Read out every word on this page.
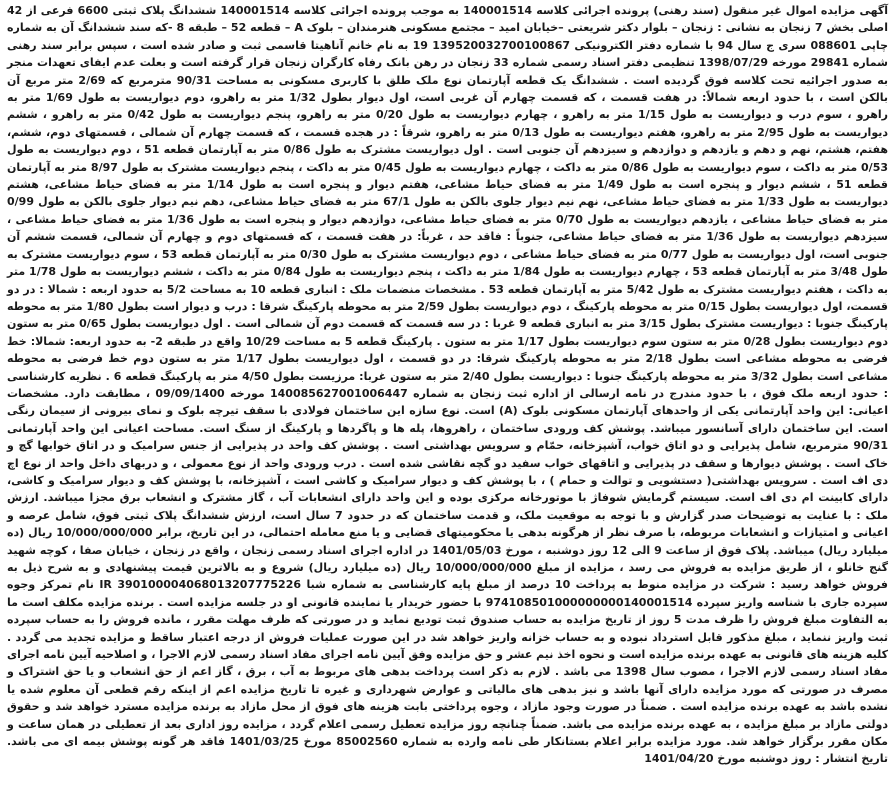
آگهی مزایده اموال غیر منقول (سند رهنی) پرونده اجرائی کلاسه 140001514 به موجب پرونده اجرائی کلاسه 140001514 ششدانگ پلاک ثبتی 6600 فرعی از 42 اصلی بخش 7 زنجان به نشانی : زنجان – بلوار دکتر شریعتی –خیابان امید – مجتمع مسکونی هنرمندان – بلوک A – قطعه 52 – طبقه 8 -که سند ششدانگ آن به شماره چاپی 088601 سری ج سال 94 با شماره دفتر الکترونیکی 139520032700100867 19 به نام خانم آناهیتا قاسمی ثبت و صادر شده است ، سپس برابر سند رهنی شماره 29841 مورخه 1398/07/29 تنظیمی دفتر اسناد رسمی شماره 33 زنجان در رهن بانک رفاه کارگران زنجان قرار گرفته است و بعلت عدم ایفای تعهدات منجر به صدور اجرائیه تحت کلاسه فوق گردیده است . ششدانگ یک قطعه آپارتمان نوع ملک طلق با کاربری مسکونی به مساحت 90/31 مترمربع که 2/69 متر مربع آن بالکن است ، با حدود اربعه شمالاً: در هفت قسمت ، که قسمت چهارم آن غربی است، اول دیوار بطول 1/32 متر به راهرو، دوم دیواریست به طول 1/69 متر به راهرو ، سوم درب و دیواریست به طول 1/15 متر به راهرو ، چهارم دیواریست به طول 0/20 متر به راهرو، پنجم دیواریست به طول 0/42 متر به راهرو ، ششم دیواریست به طول 2/95 متر به راهرو، هفتم دیواریست به طول 0/13 متر به راهرو، شرقاً : در هجده قسمت ، که قسمت چهارم آن شمالی ، قسمتهای دوم، ششم، هفتم، هشتم، نهم و دهم و یازدهم و دوازدهم و سیزدهم آن جنوبی است . اول دیواریست مشترک به طول 0/86 متر به آپارتمان قطعه 51 ، دوم دیواریست به طول 0/53 متر به داکت ، سوم دیواریست به طول 0/86 متر به داکت ، چهارم دیواریست به طول 0/45 متر به داکت ، پنجم دیواریست مشترک به طول 8/97 متر به آپارتمان قطعه 51 ، ششم دیوار و پنجره است به طول 1/49 متر به فضای حیاط مشاعی، هفتم دیوار و پنجره است به طول 1/14 متر به فضای حیاط مشاعی، هشتم دیواریست به طول 1/33 متر به فضای حیاط مشاعی، نهم نیم دیوار جلوی بالکن به طول 67/1 متر به فضای حیاط مشاعی، دهم نیم دیوار جلوی بالکن به طول 0/99 متر به فضای حیاط مشاعی ، یازدهم دیواریست به طول 0/70 متر به فضای حیاط مشاعی، دوازدهم دیوار و پنجره است به طول 1/36 متر به فضای حیاط مشاعی ، سیزدهم دیواریست به طول 1/36 متر به فضای حیاط مشاعی، جنوباً : فاقد حد ، غرباً: در هفت قسمت ، که قسمتهای دوم و چهارم آن شمالی، قسمت ششم آن جنوبی است، اول دیواریست به طول 0/77 متر به فضای حیاط مشاعی ، دوم دیواریست مشترک به طول 0/30 متر به آپارتمان قطعه 53 ، سوم دیواریست مشترک به طول 3/48 متر به آپارتمان قطعه 53 ، چهارم دیواریست به طول 1/84 متر به داکت ، پنجم دیواریست به طول 0/84 متر به داکت ، ششم دیواریست به طول 1/78 متر به داکت ، هفتم دیواریست مشترک به طول 5/42 متر به آپارتمان قطعه 53 . مشخصات منضمات ملک : انباری قطعه 10 به مساحت 5/2 به حدود اربعه : شمالا : در دو قسمت، اول دیواریست بطول 0/15 متر به محوطه پارکینگ ، دوم دیواریست بطول 2/59 متر به محوطه پارکینگ شرقا : درب و دیوار است بطول 1/80 متر به محوطه پارکینگ جنوبا : دیواریست مشترک بطول 3/15 متر به انباری قطعه 9 غربا : در سه قسمت که قسمت دوم آن شمالی است . اول دیواریست بطول 0/65 متر به ستون دوم دیواریست بطول 0/28 متر به ستون سوم دیواریست بطول 1/17 متر به ستون . پارکینگ قطعه 5 به مساحت 10/29 واقع در طبقه 2- به حدود اربعه: شمالا: خط فرضی به محوطه مشاعی است بطول 2/18 متر به محوطه پارکینگ شرقا: در دو قسمت ، اول دیواریست بطول 1/17 متر به ستون دوم خط فرضی به محوطه مشاعی است بطول 3/32 متر به محوطه پارکینگ جنوبا : دیواریست بطول 2/40 متر به ستون غربا: مرزیست بطول 4/50 متر به پارکینگ قطعه 6 . نظریه کارشناسی : حدود اربعه ملک فوق ، با حدود مندرج در نامه ارسالی از اداره ثبت زنجان به شماره 140085627001006447 مورخه 09/09/1400 ، مطابقت دارد. مشخصات اعیانی: این واحد آپارتمانی یکی از واحدهای آپارتمان مسکونی بلوک (A) است. نوع سازه این ساختمان فولادی با سقف تیرچه بلوک و نمای بیرونی از سیمان رنگی است. این ساختمان دارای آسانسور میباشد. پوشش کف ورودی ساختمان ، راهروها، پله ها و پاگردها و پارکینگ از سنگ است. مساحت اعیانی این واحد آپارتمانی 90/31 مترمربع، شامل پذیرایی و دو اتاق خواب، آشپزخانه، حمّام و سرویس بهداشتی است . پوشش کف واحد در پذیرایی از جنس سرامیک و در اتاق خوابها گچ و خاک است . پوشش دیوارها و سقف در پذیرایی و اتاقهای خواب سفید دو گچه نقاشی شده است . درب ورودی واحد از نوع معمولی ، و دربهای داخل واحد از نوع اچ دی اف است . سرویس بهداشتی( دستشویی و توالت و حمام ) ، با پوشش کف و دیوار سرامیک و کاشی است ، آشپزخانه، با پوشش کف و دیوار سرامیک و کاشی، دارای کابینت ام دی اف است. سیستم گرمایش شوفاژ با موتورخانه مرکزی بوده و این واحد دارای انشعابات آب ، گاز مشترک و انشعاب برق مجزا میباشد. ارزش ملک : با عنایت به توضیحات صدر گزارش و با توجه به موقعیت ملک، و قدمت ساختمان که در حدود 7 سال است، ارزش ششدانگ پلاک ثبتی فوق، شامل عرصه و اعیانی و امتیازات و انشعابات مربوطه، با صرف نظر از هرگونه بدهی یا محکومیتهای قضایی و یا منع معامله احتمالی، در این تاریخ، برابر 10/000/000/000 ریال (ده میلیارد ریال) میباشد. پلاک فوق از ساعت 9 الی 12 روز دوشنبه ، مورخ 1401/05/03 در اداره اجرای اسناد رسمی زنجان ، واقع در زنجان ، خیابان صفا ، کوچه شهید گنج خانلو ، از طریق مزایده به فروش می رسد ، مزایده از مبلغ 10/000/000/000 ریال (ده میلیارد ریال) شروع و به بالاترین قیمت پیشنهادی و به شرح ذیل به فروش خواهد رسید : شرکت در مزایده منوط به پرداخت 10 درصد از مبلغ پایه کارشناسی به شماره شبا IR 390100004068013207775226 نام تمرکز وجوه سپرده جاری با شناسه واریز سپرده 974108501000000000140001514 با حضور خریدار یا نماینده قانونی او در جلسه مزایده است . برنده مزایده مکلف است ما به التفاوت مبلغ فروش را ظرف مدت 5 روز از تاریخ مزایده به حساب صندوق ثبت تودیع نماید و در صورتی که ظرف مهلت مقرر ، مانده فروش را به حساب سپرده ثبت واریز ننماید ، مبلغ مذکور قابل استرداد نبوده و به حساب خزانه واریز خواهد شد در این صورت عملیات فروش از درجه اعتبار ساقط و مزایده تجدید می گردد . کلیه هزینه های قانونی به عهده برنده مزایده است و نحوه اخذ نیم عشر و حق مزایده وفق آیین نامه اجرای مفاد اسناد رسمی لازم الاجرا ، و اصلاحیه آیین نامه اجرای مفاد اسناد رسمی لازم الاجرا ، مصوب سال 1398 می باشد . لازم به ذکر است پرداخت بدهی های مربوط به آب ، برق ، گاز اعم از حق انشعاب و یا حق اشتراک و مصرف در صورتی که مورد مزایده دارای آنها باشد و نیز بدهی های مالیاتی و عوارض شهرداری و غیره تا تاریخ مزایده اعم از اینکه رقم قطعی آن معلوم شده یا نشده باشد به عهده برنده مزایده است . ضمناً در صورت وجود مازاد ، وجوه پرداختی بابت هزینه های فوق از محل مازاد به برنده مزایده مسترد خواهد شد و حقوق دولتی مازاد بر مبلغ مزایده ، به عهده برنده مزایده می باشد. ضمناً چنانچه روز مزایده تعطیل رسمی اعلام گردد ، مزایده روز اداری بعد از تعطیلی در همان ساعت و مکان مقرر برگزار خواهد شد. مورد مزایده برابر اعلام بستانکار طی نامه وارده به شماره 85002560 مورخ 1401/03/25 فاقد هر گونه پوشش بیمه ای می باشد. تاریخ انتشار : روز دوشنبه مورخ 1401/04/20
